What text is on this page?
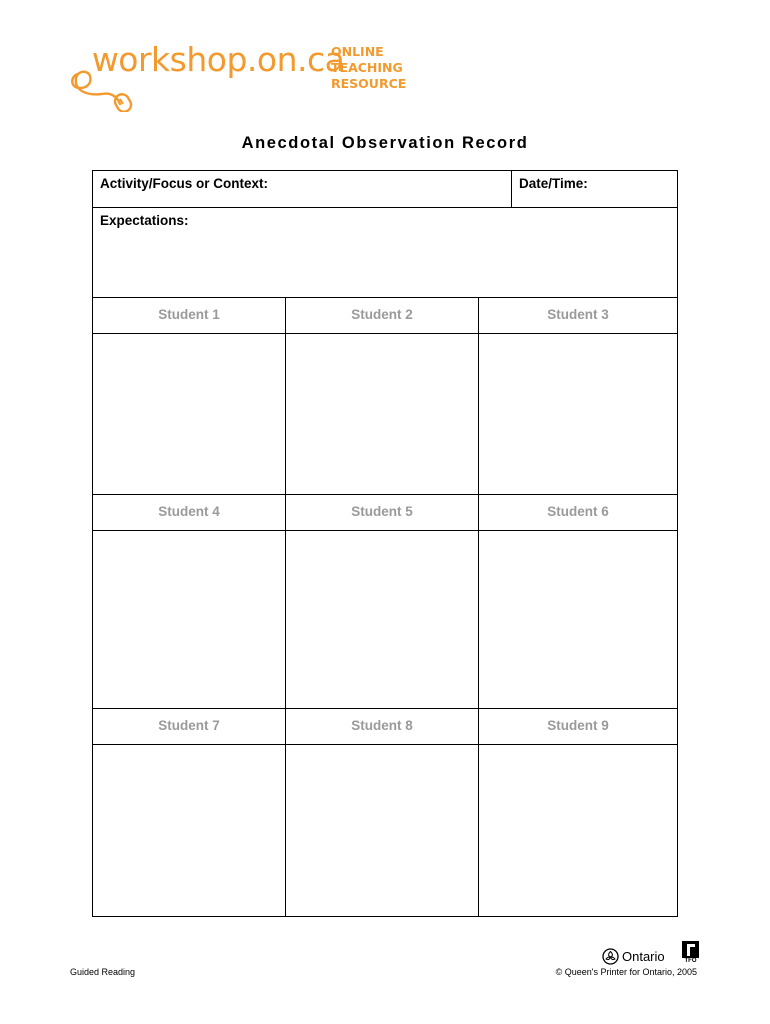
workshop.on.ca
ONLINE
TEACHING
RESOURCE
Anecdotal Observation Record
Activity/Focus or Context:	Date/Time:
Expectations:
Student 1	Student 2	Student 3
Student 4	Student 5	Student 6
Student 7	Student 8	Student 9
Ontario	TFO
Guided Reading	© Queen's Printer for Ontario, 2005
